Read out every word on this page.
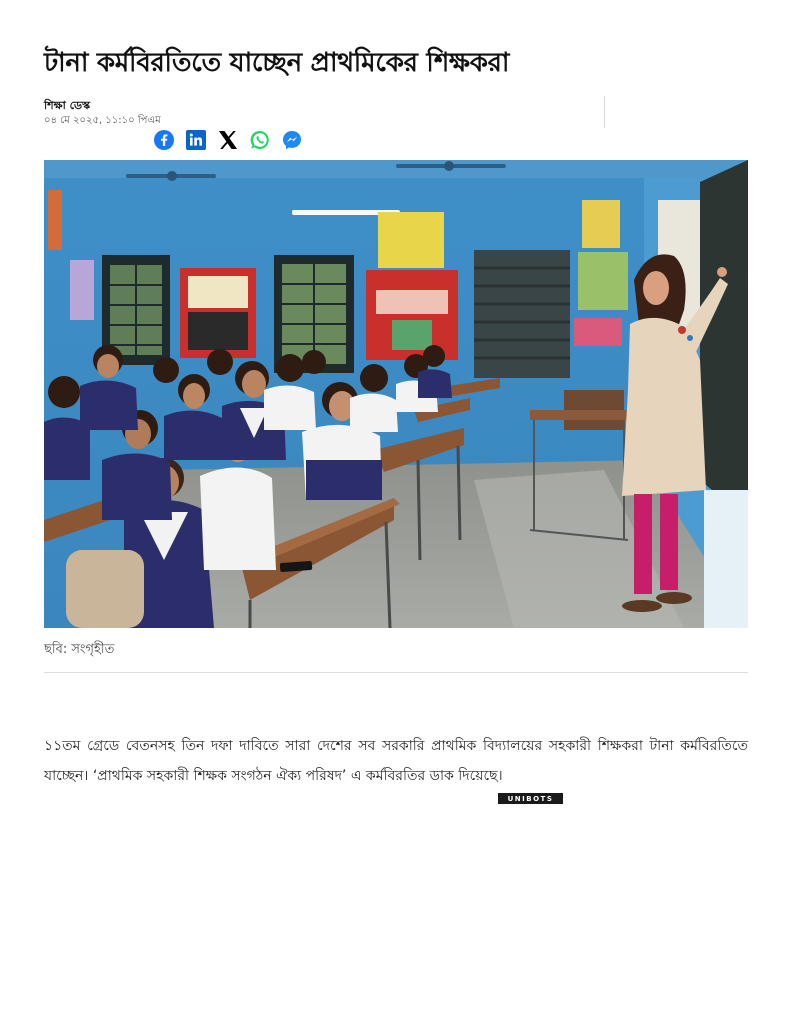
টানা কর্মবিরতিতে যাচ্ছেন প্রাথমিকের শিক্ষকরা
শিক্ষা ডেস্ক
০৪ মে ২০২৫, ১১:১০ পিএম
ছবি: সংগৃহীত

১১তম গ্রেডে বেতনসহ তিন দফা দাবিতে সারা দেশের সব সরকারি প্রাথমিক বিদ্যালয়ের সহকারী শিক্ষকরা টানা কর্মবিরতিতে যাচ্ছেন। ‘প্রাথমিক সহকারী শিক্ষক সংগঠন ঐক্য পরিষদ’ এ কর্মবিরতির ডাক দিয়েছে।

UNIBOTS
